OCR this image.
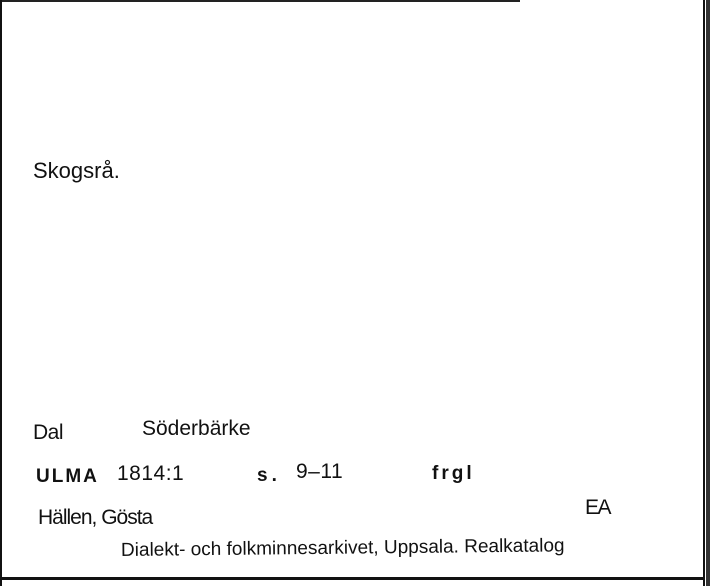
Skogsrå.
Dal	Söderbärke
ULMA 1814:1	s. 9–11	frgl
Hällen, Gösta	EA
Dialekt- och folkminnesarkivet, Uppsala. Realkatalog
